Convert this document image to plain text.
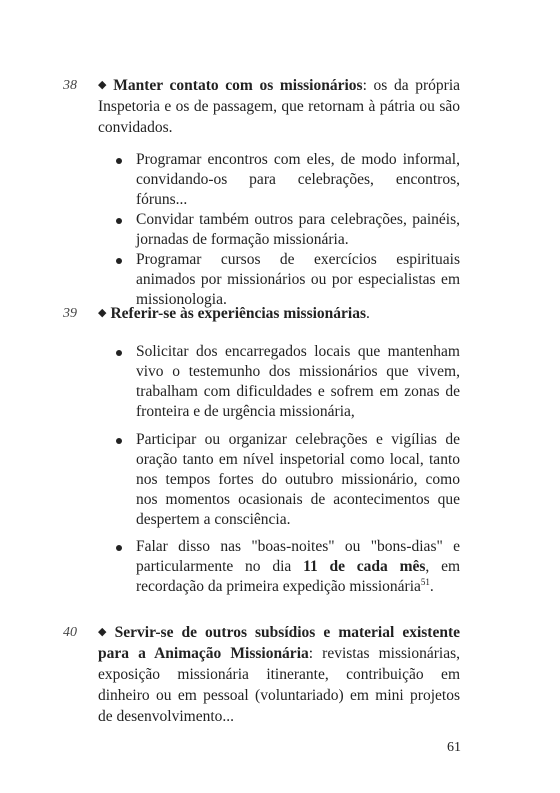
38 ◆ Manter contato com os missionários: os da própria Inspetoria e os de passagem, que retornam à pátria ou são convidados.

Programar encontros com eles, de modo informal, convidando-os para celebrações, encontros, fóruns...
Convidar também outros para celebrações, painéis, jornadas de formação missionária.
Programar cursos de exercícios espirituais animados por missionários ou por especialistas em missionologia.
39 ◆ Referir-se às experiências missionárias.

Solicitar dos encarregados locais que mantenham vivo o testemunho dos missionários que vivem, trabalham com dificuldades e sofrem em zonas de fronteira e de urgência missionária,
Participar ou organizar celebrações e vigílias de oração tanto em nível inspetorial como local, tanto nos tempos fortes do outubro missionário, como nos momentos ocasionais de acontecimentos que despertem a consciência.
Falar disso nas "boas-noites" ou "bons-dias" e particularmente no dia 11 de cada mês, em recordação da primeira expedição missionária$^{51}$.
40 ◆ Servir-se de outros subsídios e material existente para a Animação Missionária: revistas missionárias, exposição missionária itinerante, contribuição em dinheiro ou em pessoal (voluntariado) em mini projetos de desenvolvimento...

61
